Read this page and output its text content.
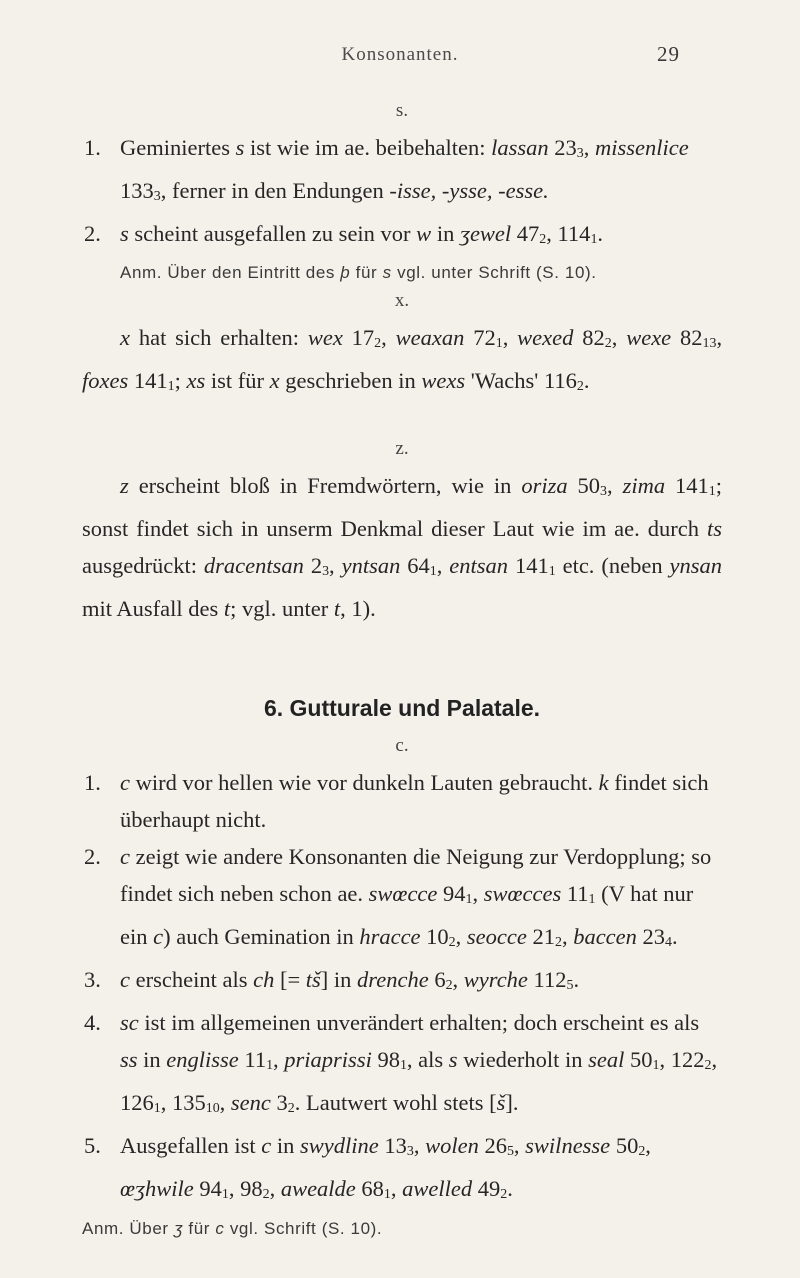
Konsonanten.	29

s.

1. Geminiertes s ist wie im ae. beibehalten: lassan $23_3$, missenlice $133_3$, ferner in den Endungen -isse, -ysse, -esse.

2. s scheint ausgefallen zu sein vor w in ʒewel $47_2$, $114_1$.

Anm. Über den Eintritt des þ für s vgl. unter Schrift (S. 10).

x.

x hat sich erhalten: wex $17_2$, weaxan $72_1$, wexed $82_2$, wexe $82_{13}$, foxes $141_1$; xs ist für x geschrieben in wexs 'Wachs' $116_2$.

z.

z erscheint bloß in Fremdwörtern, wie in oriza $50_3$, zima $141_1$; sonst findet sich in unserm Denkmal dieser Laut wie im ae. durch ts ausgedrückt: dracentsan $2_3$, yntsan $64_1$, entsan $141_1$ etc. (neben ynsan mit Ausfall des t; vgl. unter t, 1).

6. Gutturale und Palatale.

c.

1. c wird vor hellen wie vor dunkeln Lauten gebraucht. k findet sich überhaupt nicht.

2. c zeigt wie andere Konsonanten die Neigung zur Verdopplung; so findet sich neben schon ae. swœcce $94_1$, swœcces $11_1$ (V hat nur ein c) auch Gemination in hracce $10_2$, seocce $21_2$, baccen $23_4$.

3. c erscheint als ch [= tš] in drenche $6_2$, wyrche $112_5$.

4. sc ist im allgemeinen unverändert erhalten; doch erscheint es als ss in englisse $11_1$, priaprissi $98_1$, als s wiederholt in seal $50_1$, $122_2$, $126_1$, $135_{10}$, senc $3_2$. Lautwert wohl stets [š].

5. Ausgefallen ist c in swydline $13_3$, wolen $26_5$, swilnesse $50_2$, œʒhwile $94_1$, $98_2$, awealde $68_1$, awelled $49_2$.

Anm. Über ʒ für c vgl. Schrift (S. 10).
